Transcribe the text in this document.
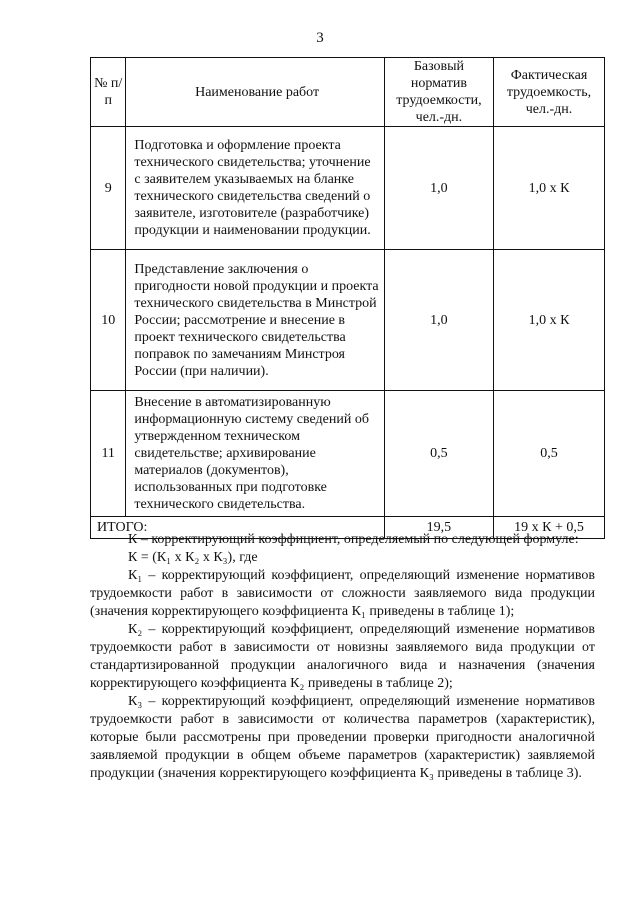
3
№ п/п	Наименование работ	Базовый норматив трудоемкости, чел.-дн.	Фактическая трудоемкость, чел.-дн.
9	Подготовка и оформление проекта технического свидетельства; уточнение с заявителем указываемых на бланке технического свидетельства сведений о заявителе, изготовителе (разработчике) продукции и наименовании продукции.	1,0	1,0 х К
10	Представление заключения о пригодности новой продукции и проекта технического свидетельства в Минстрой России; рассмотрение и внесение в проект технического свидетельства поправок по замечаниям Минстроя России (при наличии).	1,0	1,0 х К
11	Внесение в автоматизированную информационную систему сведений об утвержденном техническом свидетельстве; архивирование материалов (документов), использованных при подготовке технического свидетельства.	0,5	0,5
ИТОГО:		19,5	19 х К + 0,5

К – корректирующий коэффициент, определяемый по следующей формуле:

К = (К₁ х К₂ х К₃), где

К₁ – корректирующий коэффициент, определяющий изменение нормативов трудоемкости работ в зависимости от сложности заявляемого вида продукции (значения корректирующего коэффициента К₁ приведены в таблице 1);

К₂ – корректирующий коэффициент, определяющий изменение нормативов трудоемкости работ в зависимости от новизны заявляемого вида продукции от стандартизированной продукции аналогичного вида и назначения (значения корректирующего коэффициента К₂ приведены в таблице 2);

К₃ – корректирующий коэффициент, определяющий изменение нормативов трудоемкости работ в зависимости от количества параметров (характеристик), которые были рассмотрены при проведении проверки пригодности аналогичной заявляемой продукции в общем объеме параметров (характеристик) заявляемой продукции (значения корректирующего коэффициента К₃ приведены в таблице 3).
